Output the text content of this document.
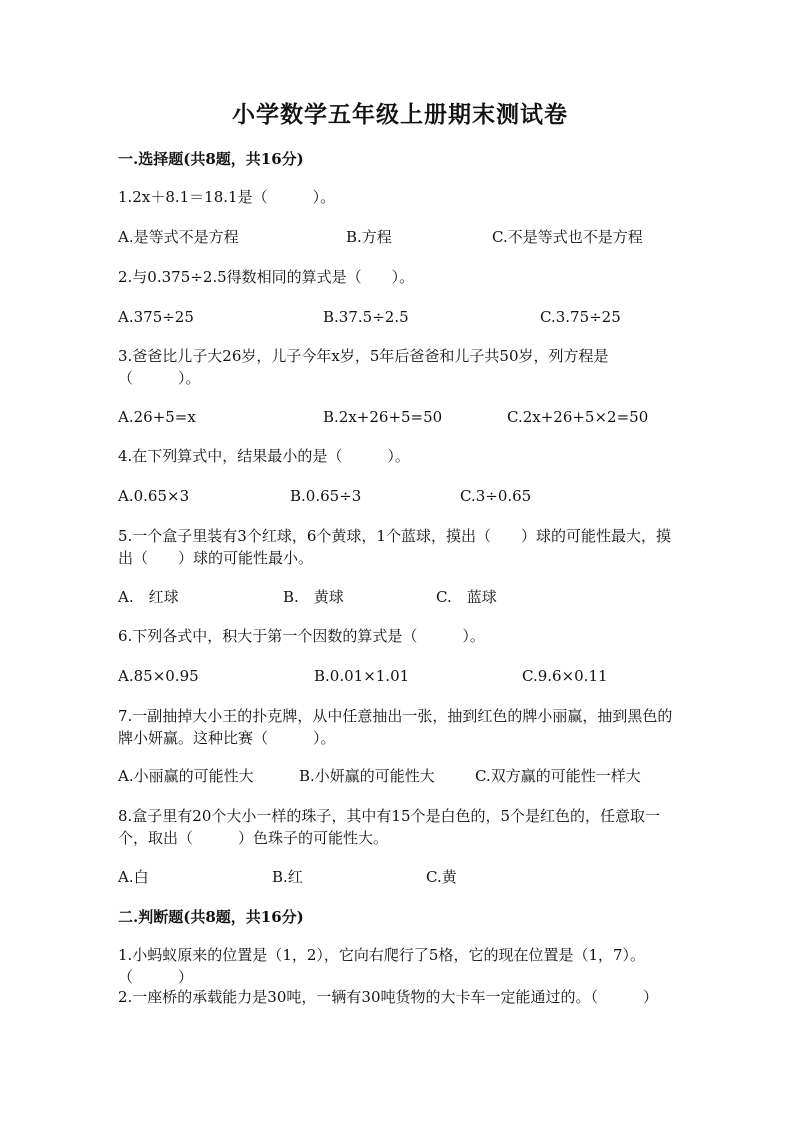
小学数学五年级上册期末测试卷
一.选择题(共8题，共16分)
1.2x＋8.1＝18.1是（　　　）。
A.是等式不是方程	B.方程	C.不是等式也不是方程
2.与0.375÷2.5得数相同的算式是（　　）。
A.375÷25	B.37.5÷2.5	C.3.75÷25
3.爸爸比儿子大26岁，儿子今年x岁，5年后爸爸和儿子共50岁，列方程是（　　　）。
A.26+5=x	B.2x+26+5=50	C.2x+26+5×2=50
4.在下列算式中，结果最小的是（　　　）。
A.0.65×3	B.0.65÷3	C.3÷0.65
5.一个盒子里装有3个红球，6个黄球，1个蓝球，摸出（　　）球的可能性最大，摸出（　　）球的可能性最小。
A.　红球	B.　黄球	C.　蓝球
6.下列各式中，积大于第一个因数的算式是（　　　）。
A.85×0.95	B.0.01×1.01	C.9.6×0.11
7.一副抽掉大小王的扑克牌，从中任意抽出一张，抽到红色的牌小丽赢，抽到黑色的牌小妍赢。这种比赛（　　　）。
A.小丽赢的可能性大	B.小妍赢的可能性大	C.双方赢的可能性一样大
8.盒子里有20个大小一样的珠子，其中有15个是白色的，5个是红色的，任意取一个，取出（　　　）色珠子的可能性大。
A.白	B.红	C.黄
二.判断题(共8题，共16分)
1.小蚂蚁原来的位置是（1，2），它向右爬行了5格，它的现在位置是（1，7）。（　　　）
2.一座桥的承载能力是30吨，一辆有30吨货物的大卡车一定能通过的。（　　　）
